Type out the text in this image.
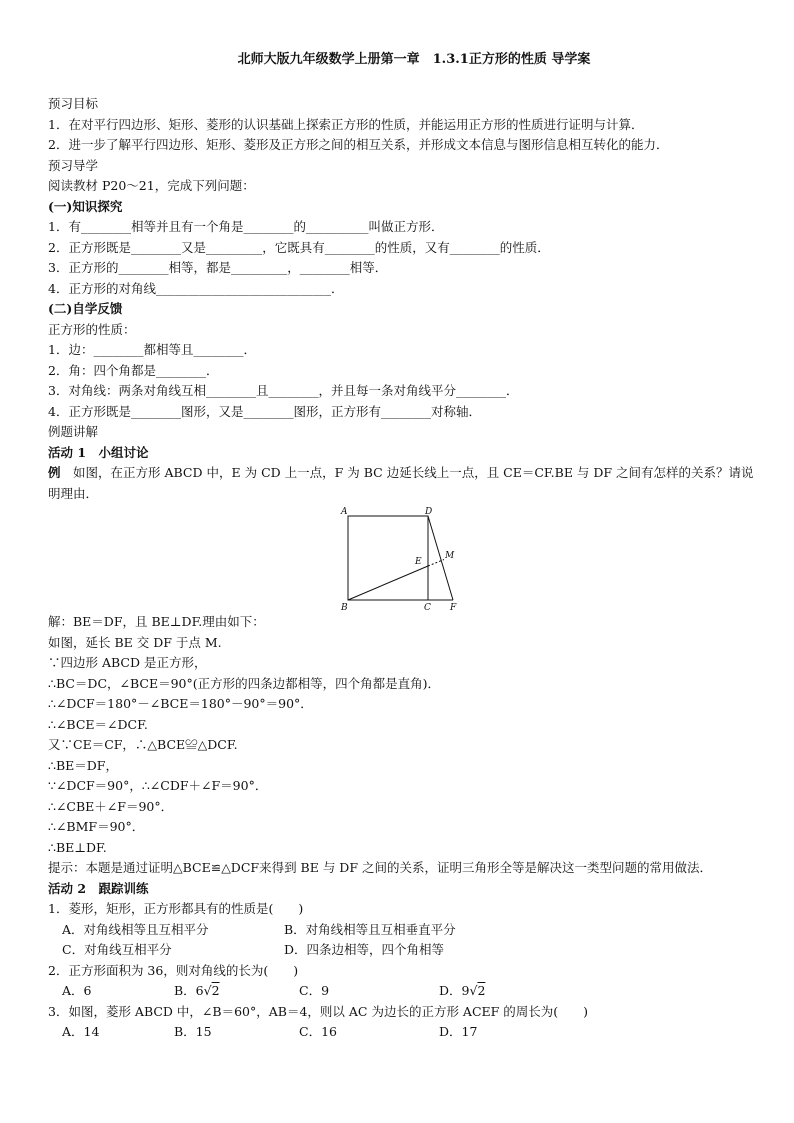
北师大版九年级数学上册第一章　1.3.1正方形的性质 导学案
预习目标
1．在对平行四边形、矩形、菱形的认识基础上探索正方形的性质，并能运用正方形的性质进行证明与计算．
2．进一步了解平行四边形、矩形、菱形及正方形之间的相互关系，并形成文本信息与图形信息相互转化的能力．
预习导学
阅读教材 P20～21，完成下列问题：
(一)知识探究
1．有________相等并且有一个角是________的__________叫做正方形．
2．正方形既是________又是_________，它既具有________的性质，又有________的性质．
3．正方形的________相等，都是_________，________相等．
4．正方形的对角线____________________________．
(二)自学反馈
正方形的性质：
1．边：________都相等且________．
2．角：四个角都是________．
3．对角线：两条对角线互相________且________，并且每一条对角线平分________．
4．正方形既是________图形，又是________图形，正方形有________对称轴．
例题讲解
活动 1　小组讨论
例　如图，在正方形 ABCD 中，E 为 CD 上一点，F 为 BC 边延长线上一点，且 CE＝CF.BE 与 DF 之间有怎样的关系？请说明理由．
A
B	C
D
E
F
M
解：BE＝DF，且 BE⊥DF.理由如下：
如图，延长 BE 交 DF 于点 M.
∵四边形 ABCD 是正方形，
∴BC＝DC，∠BCE＝90°(正方形的四条边都相等，四个角都是直角)．
∴∠DCF＝180°－∠BCE＝180°－90°＝90°．
∴∠BCE＝∠DCF.
又∵CE＝CF，∴△BCE≌△DCF.
∴BE＝DF，
∵∠DCF＝90°，∴∠CDF＋∠F＝90°．
∴∠CBE＋∠F＝90°．
∴∠BMF＝90°．
∴BE⊥DF.
提示：本题是通过证明△BCE≌△DCF来得到 BE 与 DF 之间的关系，证明三角形全等是解决这一类型问题的常用做法．
活动 2　跟踪训练
1．菱形，矩形，正方形都具有的性质是(　　)
A．对角线相等且互相平分	B．对角线相等且互相垂直平分
C．对角线互相平分	D．四条边相等，四个角相等
2．正方形面积为 36，则对角线的长为(　　)
A．6	B．6√2	C．9	D．9√2
3．如图，菱形 ABCD 中，∠B＝60°，AB＝4，则以 AC 为边长的正方形 ACEF 的周长为(　　)
A．14	B．15	C．16	D．17
